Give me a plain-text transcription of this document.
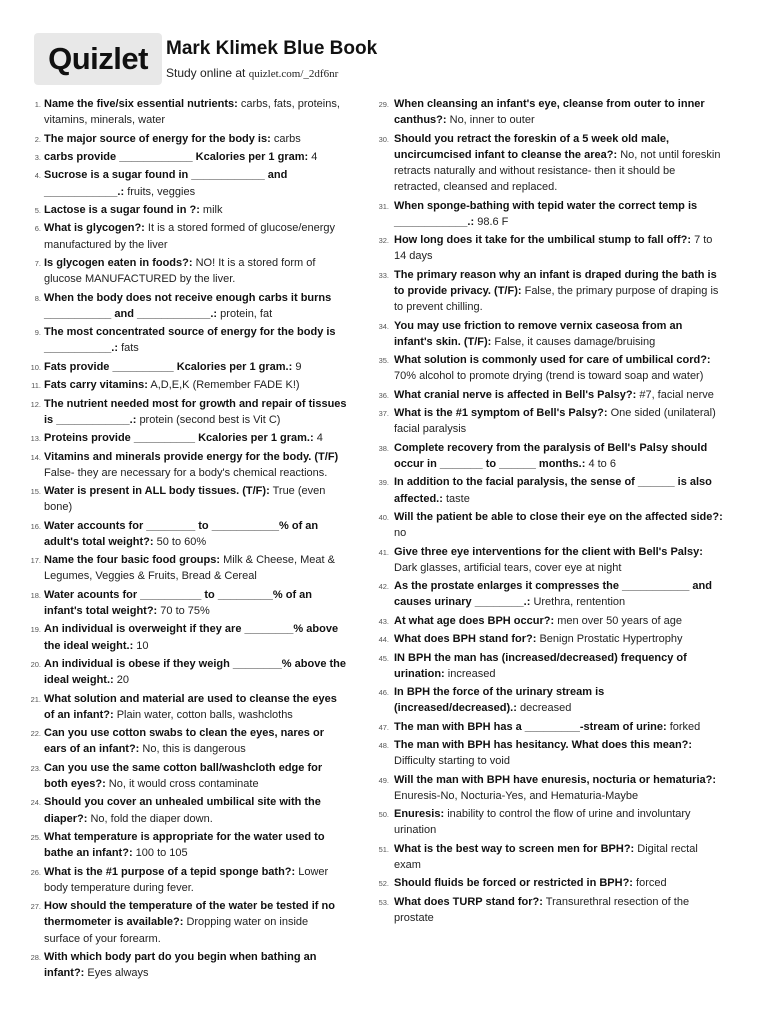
Quizlet Mark Klimek Blue Book
Study online at quizlet.com/_2df6nr
1. Name the five/six essential nutrients: carbs, fats, proteins, vitamins, minerals, water
2. The major source of energy for the body is: carbs
3. carbs provide ____________ Kcalories per 1 gram: 4
4. Sucrose is a sugar found in ____________ and ____________.: fruits, veggies
5. Lactose is a sugar found in ?: milk
6. What is glycogen?: It is a stored formed of glucose/energy manufactured by the liver
7. Is glycogen eaten in foods?: NO! It is a stored form of glucose MANUFACTURED by the liver.
8. When the body does not receive enough carbs it burns ___________ and ____________.: protein, fat
9. The most concentrated source of energy for the body is ___________.: fats
10. Fats provide __________ Kcalories per 1 gram.: 9
11. Fats carry vitamins: A,D,E,K (Remember FADE K!)
12. The nutrient needed most for growth and repair of tissues is ____________.: protein (second best is Vit C)
13. Proteins provide __________ Kcalories per 1 gram.: 4
14. Vitamins and minerals provide energy for the body. (T/F) False- they are necessary for a body's chemical reactions.
15. Water is present in ALL body tissues. (T/F): True (even bone)
16. Water accounts for ________ to ___________% of an adult's total weight?: 50 to 60%
17. Name the four basic food groups: Milk & Cheese, Meat & Legumes, Veggies & Fruits, Bread & Cereal
18. Water acounts for __________ to _________% of an infant's total weight?: 70 to 75%
19. An individual is overweight if they are ________% above the ideal weight.: 10
20. An individual is obese if they weigh ________% above the ideal weight.: 20
21. What solution and material are used to cleanse the eyes of an infant?: Plain water, cotton balls, washcloths
22. Can you use cotton swabs to clean the eyes, nares or ears of an infant?: No, this is dangerous
23. Can you use the same cotton ball/washcloth edge for both eyes?: No, it would cross contaminate
24. Should you cover an unhealed umbilical site with the diaper?: No, fold the diaper down.
25. What temperature is appropriate for the water used to bathe an infant?: 100 to 105
26. What is the #1 purpose of a tepid sponge bath?: Lower body temperature during fever.
27. How should the temperature of the water be tested if no thermometer is available?: Dropping water on inside surface of your forearm.
28. With which body part do you begin when bathing an infant?: Eyes always
29. When cleansing an infant's eye, cleanse from outer to inner canthus?: No, inner to outer
30. Should you retract the foreskin of a 5 week old male, uncircumcised infant to cleanse the area?: No, not until foreskin retracts naturally and without resistance- then it should be retracted, cleansed and replaced.
31. When sponge-bathing with tepid water the correct temp is ____________.: 98.6 F
32. How long does it take for the umbilical stump to fall off?: 7 to 14 days
33. The primary reason why an infant is draped during the bath is to provide privacy. (T/F): False, the primary purpose of draping is to prevent chilling.
34. You may use friction to remove vernix caseosa from an infant's skin. (T/F): False, it causes damage/bruising
35. What solution is commonly used for care of umbilical cord?: 70% alcohol to promote drying (trend is toward soap and water)
36. What cranial nerve is affected in Bell's Palsy?: #7, facial nerve
37. What is the #1 symptom of Bell's Palsy?: One sided (unilateral) facial paralysis
38. Complete recovery from the paralysis of Bell's Palsy should occur in _______ to ______ months.: 4 to 6
39. In addition to the facial paralysis, the sense of ______ is also affected.: taste
40. Will the patient be able to close their eye on the affected side?: no
41. Give three eye interventions for the client with Bell's Palsy: Dark glasses, artificial tears, cover eye at night
42. As the prostate enlarges it compresses the ___________ and causes urinary ________.: Urethra, rentention
43. At what age does BPH occur?: men over 50 years of age
44. What does BPH stand for?: Benign Prostatic Hypertrophy
45. IN BPH the man has (increased/decreased) frequency of urination: increased
46. In BPH the force of the urinary stream is (increased/decreased).: decreased
47. The man with BPH has a _________-stream of urine: forked
48. The man with BPH has hesitancy. What does this mean?: Difficulty starting to void
49. Will the man with BPH have enuresis, nocturia or hematuria?: Enuresis-No, Nocturia-Yes, and Hematuria-Maybe
50. Enuresis: inability to control the flow of urine and involuntary urination
51. What is the best way to screen men for BPH?: Digital rectal exam
52. Should fluids be forced or restricted in BPH?: forced
53. What does TURP stand for?: Transurethral resection of the prostate
